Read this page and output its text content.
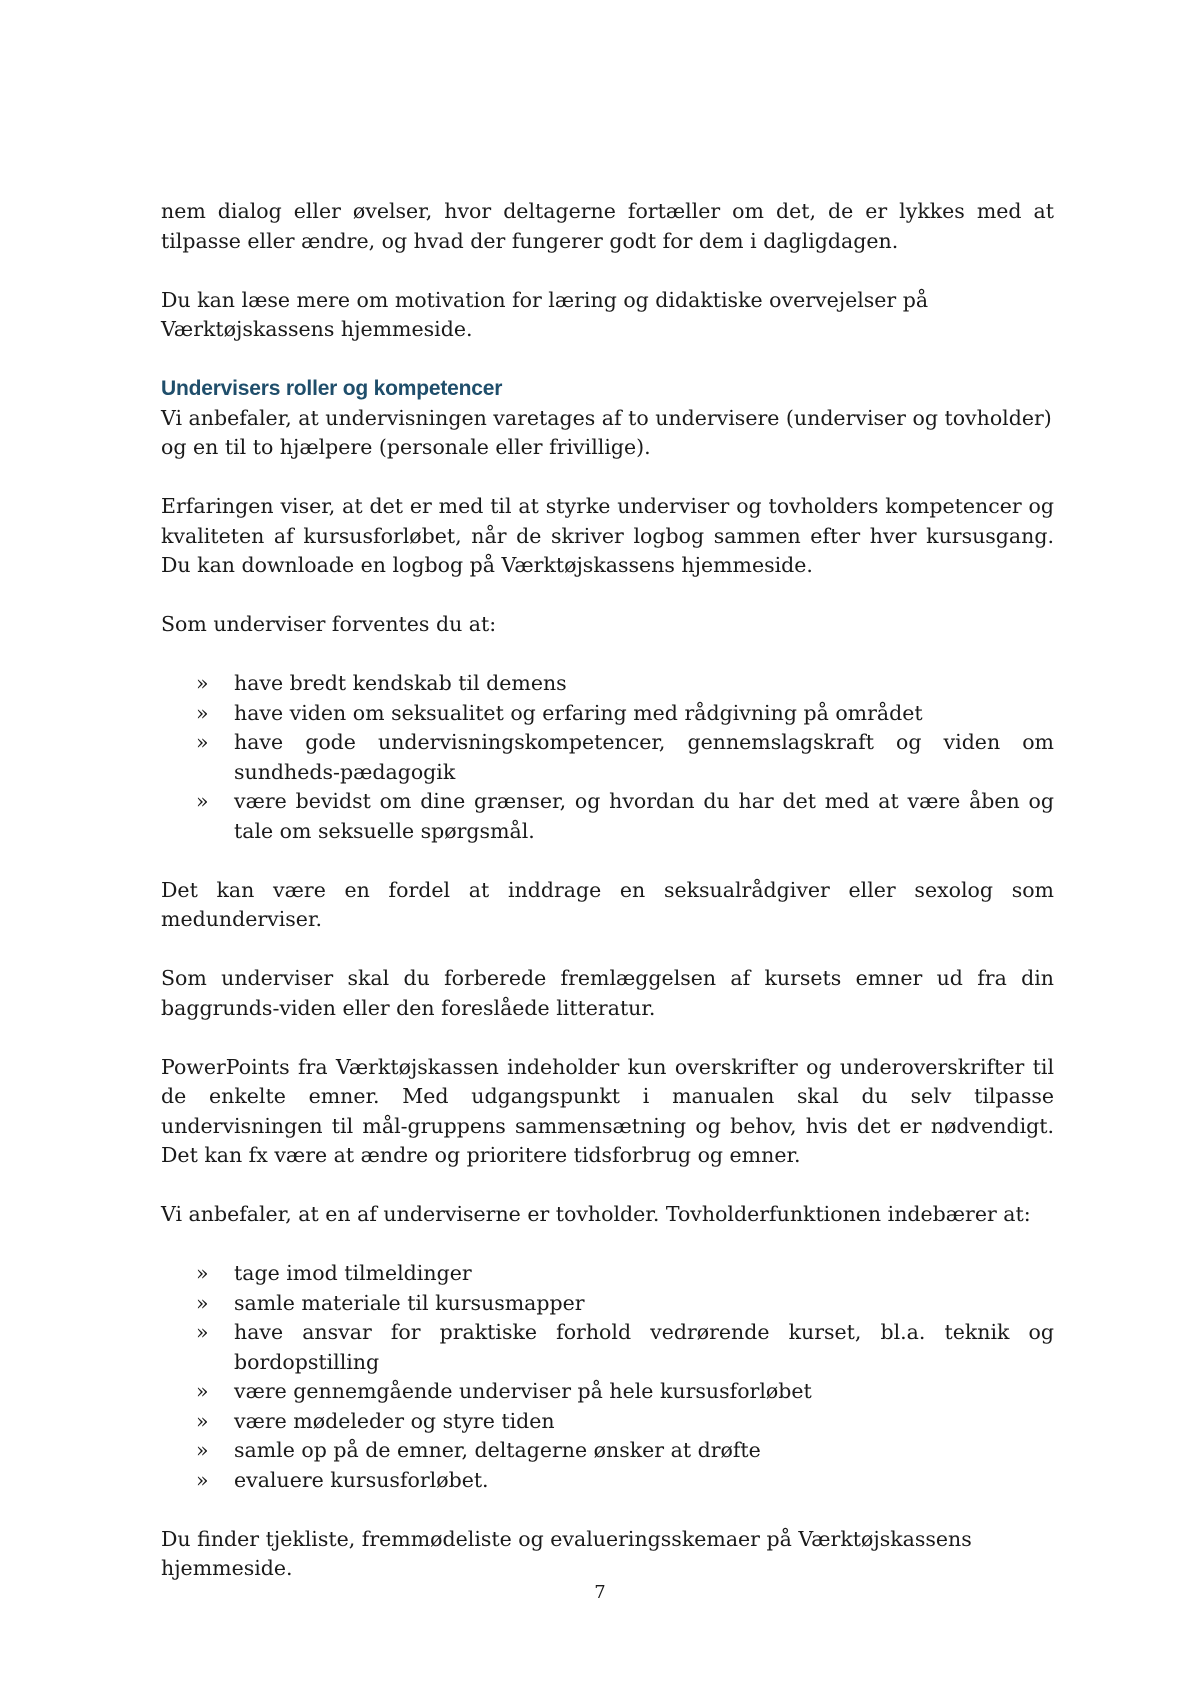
nem dialog eller øvelser, hvor deltagerne fortæller om det, de er lykkes med at tilpasse eller ændre, og hvad der fungerer godt for dem i dagligdagen.

Du kan læse mere om motivation for læring og didaktiske overvejelser på Værktøjskassens hjemmeside.

Undervisers roller og kompetencer

Vi anbefaler, at undervisningen varetages af to undervisere (underviser og tovholder) og en til to hjælpere (personale eller frivillige).

Erfaringen viser, at det er med til at styrke underviser og tovholders kompetencer og kvaliteten af kursusforløbet, når de skriver logbog sammen efter hver kursusgang. Du kan downloade en logbog på Værktøjskassens hjemmeside.

Som underviser forventes du at:

» have bredt kendskab til demens
» have viden om seksualitet og erfaring med rådgivning på området
» have gode undervisningskompetencer, gennemslagskraft og viden om sundheds-pædagogik
» være bevidst om dine grænser, og hvordan du har det med at være åben og tale om seksuelle spørgsmål.

Det kan være en fordel at inddrage en seksualrådgiver eller sexolog som medunderviser.

Som underviser skal du forberede fremlæggelsen af kursets emner ud fra din baggrunds-viden eller den foreslåede litteratur.

PowerPoints fra Værktøjskassen indeholder kun overskrifter og underoverskrifter til de enkelte emner. Med udgangspunkt i manualen skal du selv tilpasse undervisningen til mål-gruppens sammensætning og behov, hvis det er nødvendigt. Det kan fx være at ændre og prioritere tidsforbrug og emner.

Vi anbefaler, at en af underviserne er tovholder. Tovholderfunktionen indebærer at:

» tage imod tilmeldinger
» samle materiale til kursusmapper
» have ansvar for praktiske forhold vedrørende kurset, bl.a. teknik og bordopstilling
» være gennemgående underviser på hele kursusforløbet
» være mødeleder og styre tiden
» samle op på de emner, deltagerne ønsker at drøfte
» evaluere kursusforløbet.

Du finder tjekliste, fremmødeliste og evalueringsskemaer på Værktøjskassens hjemmeside.

7
